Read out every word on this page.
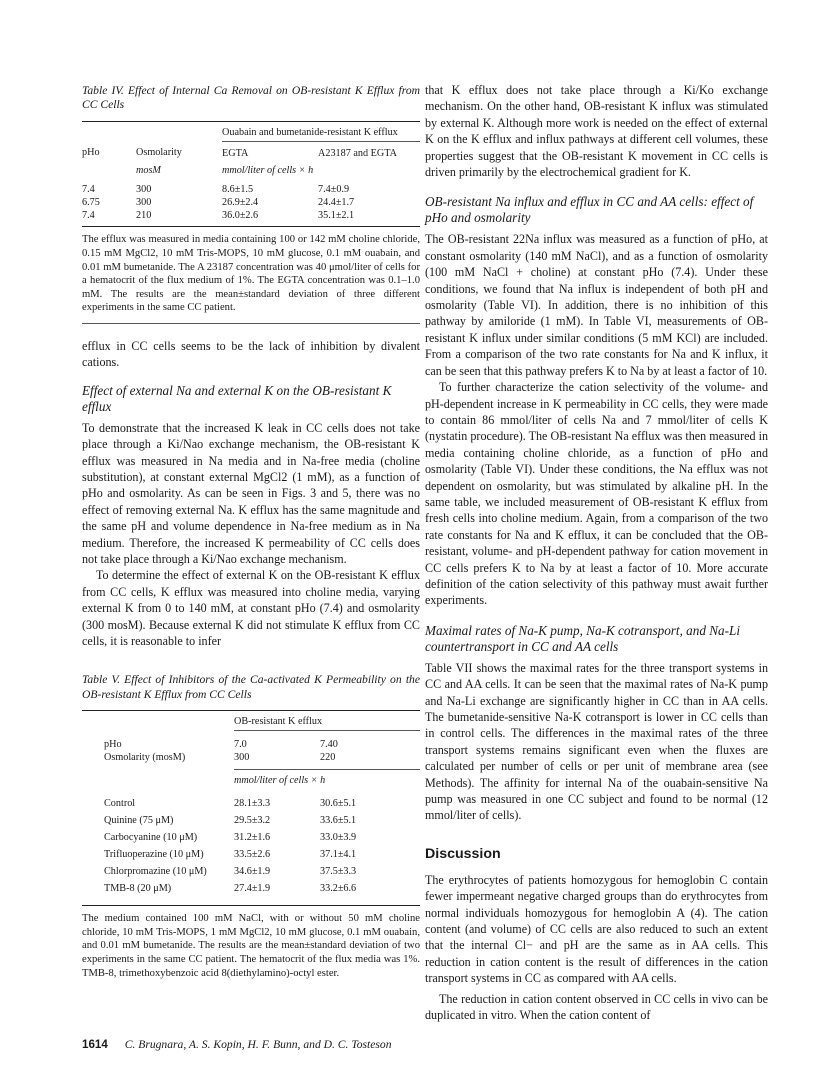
Table IV. Effect of Internal Ca Removal on OB-resistant K Efflux from CC Cells

		Ouabain and bumetanide-resistant K efflux	
pHo	Osmolarity	EGTA	A23187 and EGTA
	mosM	mmol/liter of cells × h	

7.4	300	8.6±1.5	7.4±0.9
6.75	300	26.9±2.4	24.4±1.7
7.4	210	36.0±2.6	35.1±2.1

The efflux was measured in media containing 100 or 142 mM choline chloride, 0.15 mM MgCl2, 10 mM Tris-MOPS, 10 mM glucose, 0.1 mM ouabain, and 0.01 mM bumetanide. The A 23187 concentration was 40 μmol/liter of cells for a hematocrit of the flux medium of 1%. The EGTA concentration was 0.1–1.0 mM. The results are the mean±standard deviation of three different experiments in the same CC patient.

efflux in CC cells seems to be the lack of inhibition by divalent cations.

Effect of external Na and external K on the OB-resistant K efflux

To demonstrate that the increased K leak in CC cells does not take place through a Ki/Nao exchange mechanism, the OB-resistant K efflux was measured in Na media and in Na-free media (choline substitution), at constant external MgCl2 (1 mM), as a function of pHo and osmolarity. As can be seen in Figs. 3 and 5, there was no effect of removing external Na. K efflux has the same magnitude and the same pH and volume dependence in Na-free medium as in Na medium. Therefore, the increased K permeability of CC cells does not take place through a Ki/Nao exchange mechanism.

To determine the effect of external K on the OB-resistant K efflux from CC cells, K efflux was measured into choline media, varying external K from 0 to 140 mM, at constant pHo (7.4) and osmolarity (300 mosM). Because external K did not stimulate K efflux from CC cells, it is reasonable to infer

Table V. Effect of Inhibitors of the Ca-activated K Permeability on the OB-resistant K Efflux from CC Cells

	OB-resistant K efflux	
pHo	7.0	7.40
Osmolarity (mosM)	300	220

	mmol/liter of cells × h	

Control	28.1±3.3	30.6±5.1
Quinine (75 μM)	29.5±3.2	33.6±5.1
Carbocyanine (10 μM)	31.2±1.6	33.0±3.9
Trifluoperazine (10 μM)	33.5±2.6	37.1±4.1
Chlorpromazine (10 μM)	34.6±1.9	37.5±3.3
TMB-8 (20 μM)	27.4±1.9	33.2±6.6

The medium contained 100 mM NaCl, with or without 50 mM choline chloride, 10 mM Tris-MOPS, 1 mM MgCl2, 10 mM glucose, 0.1 mM ouabain, and 0.01 mM bumetanide. The results are the mean±standard deviation of two experiments in the same CC patient. The hematocrit of the flux media was 1%. TMB-8, trimethoxybenzoic acid 8(diethylamino)-octyl ester.

that K efflux does not take place through a Ki/Ko exchange mechanism. On the other hand, OB-resistant K influx was stimulated by external K. Although more work is needed on the effect of external K on the K efflux and influx pathways at different cell volumes, these properties suggest that the OB-resistant K movement in CC cells is driven primarily by the electrochemical gradient for K.

OB-resistant Na influx and efflux in CC and AA cells: effect of pHo and osmolarity

The OB-resistant 22Na influx was measured as a function of pHo, at constant osmolarity (140 mM NaCl), and as a function of osmolarity (100 mM NaCl + choline) at constant pHo (7.4). Under these conditions, we found that Na influx is independent of both pH and osmolarity (Table VI). In addition, there is no inhibition of this pathway by amiloride (1 mM). In Table VI, measurements of OB-resistant K influx under similar conditions (5 mM KCl) are included. From a comparison of the two rate constants for Na and K influx, it can be seen that this pathway prefers K to Na by at least a factor of 10.

To further characterize the cation selectivity of the volume- and pH-dependent increase in K permeability in CC cells, they were made to contain 86 mmol/liter of cells Na and 7 mmol/liter of cells K (nystatin procedure). The OB-resistant Na efflux was then measured in media containing choline chloride, as a function of pHo and osmolarity (Table VI). Under these conditions, the Na efflux was not dependent on osmolarity, but was stimulated by alkaline pH. In the same table, we included measurement of OB-resistant K efflux from fresh cells into choline medium. Again, from a comparison of the two rate constants for Na and K efflux, it can be concluded that the OB-resistant, volume- and pH-dependent pathway for cation movement in CC cells prefers K to Na by at least a factor of 10. More accurate definition of the cation selectivity of this pathway must await further experiments.

Maximal rates of Na-K pump, Na-K cotransport, and Na-Li countertransport in CC and AA cells

Table VII shows the maximal rates for the three transport systems in CC and AA cells. It can be seen that the maximal rates of Na-K pump and Na-Li exchange are significantly higher in CC than in AA cells. The bumetanide-sensitive Na-K cotransport is lower in CC cells than in control cells. The differences in the maximal rates of the three transport systems remains significant even when the fluxes are calculated per number of cells or per unit of membrane area (see Methods). The affinity for internal Na of the ouabain-sensitive Na pump was measured in one CC subject and found to be normal (12 mmol/liter of cells).

Discussion

The erythrocytes of patients homozygous for hemoglobin C contain fewer impermeant negative charged groups than do erythrocytes from normal individuals homozygous for hemoglobin A (4). The cation content (and volume) of CC cells are also reduced to such an extent that the internal Cl− and pH are the same as in AA cells. This reduction in cation content is the result of differences in the cation transport systems in CC as compared with AA cells.

The reduction in cation content observed in CC cells in vivo can be duplicated in vitro. When the cation content of

1614 C. Brugnara, A. S. Kopin, H. F. Bunn, and D. C. Tosteson
